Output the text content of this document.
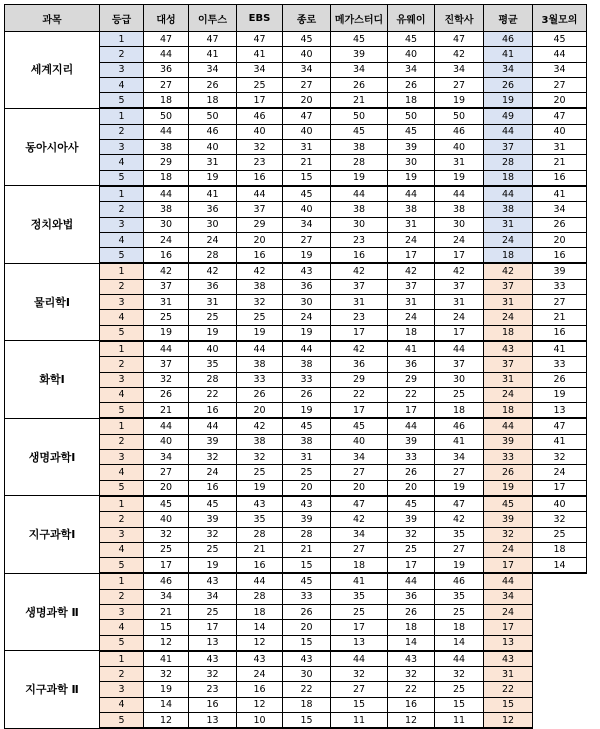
과목	등급	대성	이투스	EBS	종로	메가스터디	유웨이	진학사	평균	3월모의
세계지리	1	47	47	47	45	45	45	47	46	45
	2	44	41	41	40	39	40	42	41	44
	3	36	34	34	34	34	34	34	34	34
	4	27	26	25	27	26	26	27	26	27
	5	18	18	17	20	21	18	19	19	20
동아시아사	1	50	50	46	47	50	50	50	49	47
	2	44	46	40	40	45	45	46	44	40
	3	38	40	32	31	38	39	40	37	31
	4	29	31	23	21	28	30	31	28	21
	5	18	19	16	15	19	19	19	18	16
정치와법	1	44	41	44	45	44	44	44	44	41
	2	38	36	37	40	38	38	38	38	34
	3	30	30	29	34	30	31	30	31	26
	4	24	24	20	27	23	24	24	24	20
	5	16	28	16	19	16	17	17	18	16
물리학Ⅰ	1	42	42	42	43	42	42	42	42	39
	2	37	36	38	36	37	37	37	37	33
	3	31	31	32	30	31	31	31	31	27
	4	25	25	25	24	23	24	24	24	21
	5	19	19	19	19	17	18	17	18	16
화학Ⅰ	1	44	40	44	44	42	41	44	43	41
	2	37	35	38	38	36	36	37	37	33
	3	32	28	33	33	29	29	30	31	26
	4	26	22	26	26	22	22	25	24	19
	5	21	16	20	19	17	17	18	18	13
생명과학Ⅰ	1	44	44	42	45	45	44	46	44	47
	2	40	39	38	38	40	39	41	39	41
	3	34	32	32	31	34	33	34	33	32
	4	27	24	25	25	27	26	27	26	24
	5	20	16	19	20	20	20	19	19	17
지구과학Ⅰ	1	45	45	43	43	47	45	47	45	40
	2	40	39	35	39	42	39	42	39	32
	3	32	32	28	28	34	32	35	32	25
	4	25	25	21	21	27	25	27	24	18
	5	17	19	16	15	18	17	19	17	14
생명과학 Ⅱ	1	46	43	44	45	41	44	46	44	
	2	34	34	28	33	35	36	35	34	
	3	21	25	18	26	25	26	25	24	
	4	15	17	14	20	17	18	18	17	
	5	12	13	12	15	13	14	14	13	
지구과학 Ⅱ	1	41	43	43	43	44	43	44	43	
	2	32	32	24	30	32	32	32	31	
	3	19	23	16	22	27	22	25	22	
	4	14	16	12	18	15	16	15	15	
	5	12	13	10	15	11	12	11	12	
